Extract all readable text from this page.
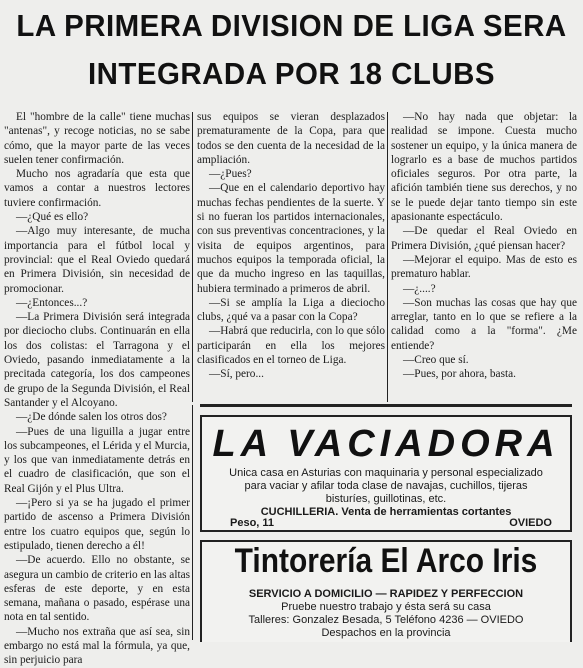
LA PRIMERA DIVISION DE LIGA SERA
INTEGRADA POR 18 CLUBS

El "hombre de la calle" tiene muchas "antenas", y recoge noticias, no se sabe cómo, que la mayor parte de las veces suelen tener confirmación.

Mucho nos agradaría que esta que vamos a contar a nuestros lectores tuviere confirmación.

—¿Qué es ello?

—Algo muy interesante, de mucha importancia para el fútbol local y provincial: que el Real Oviedo quedará en Primera División, sin necesidad de promocionar.

—¿Entonces...?

—La Primera División será integrada por dieciocho clubs. Continuarán en ella los dos colistas: el Tarragona y el Oviedo, pasando inmediatamente a la precitada categoría, los dos campeones de grupo de la Segunda División, el Real Santander y el Alcoyano.

—¿De dónde salen los otros dos?

—Pues de una liguilla a jugar entre los subcampeones, el Lérida y el Murcia, y los que van inmediatamente detrás en el cuadro de clasificación, que son el Real Gijón y el Plus Ultra.

—¡Pero si ya se ha jugado el primer partido de ascenso a Primera División entre los cuatro equipos que, según lo estipulado, tienen derecho a él!

—De acuerdo. Ello no obstante, se asegura un cambio de criterio en las altas esferas de este deporte, y en esta semana, mañana o pasado, espérase una nota en tal sentido.

—Mucho nos extraña que así sea, sin embargo no está mal la fórmula, ya que, sin perjuicio para

sus equipos se vieran desplazados prematuramente de la Copa, para que todos se den cuenta de la necesidad de la ampliación.

—¿Pues?

—Que en el calendario deportivo hay muchas fechas pendientes de la suerte. Y si no fueran los partidos internacionales, con sus preventivas concentraciones, y la visita de equipos argentinos, para muchos equipos la temporada oficial, la que da mucho ingreso en las taquillas, hubiera terminado a primeros de abril.

—Si se amplía la Liga a dieciocho clubs, ¿qué va a pasar con la Copa?

—Habrá que reducirla, con lo que sólo participarán en ella los mejores clasificados en el torneo de Liga.

—Sí, pero...

—No hay nada que objetar: la realidad se impone. Cuesta mucho sostener un equipo, y la única manera de lograrlo es a base de muchos partidos oficiales seguros. Por otra parte, la afición también tiene sus derechos, y no se le puede dejar tanto tiempo sin este apasionante espectáculo.

—De quedar el Real Oviedo en Primera División, ¿qué piensan hacer?

—Mejorar el equipo. Mas de esto es prematuro hablar.

—¿....?

—Son muchas las cosas que hay que arreglar, tanto en lo que se refiere a la calidad como a la "forma". ¿Me entiende?

—Creo que sí.

—Pues, por ahora, basta.

LA VACIADORA
Unica casa en Asturias con maquinaria y personal especializado
para vaciar y afilar toda clase de navajas, cuchillos, tijeras
bisturíes, guillotinas, etc.
CUCHILLERIA. Venta de herramientas cortantes
Peso, 11	OVIEDO
Tintorería El Arco Iris
SERVICIO A DOMICILIO — RAPIDEZ Y PERFECCION
Pruebe nuestro trabajo y ésta será su casa
Talleres: Gonzalez Besada, 5 Teléfono 4236 — OVIEDO
Despachos en la provincia
